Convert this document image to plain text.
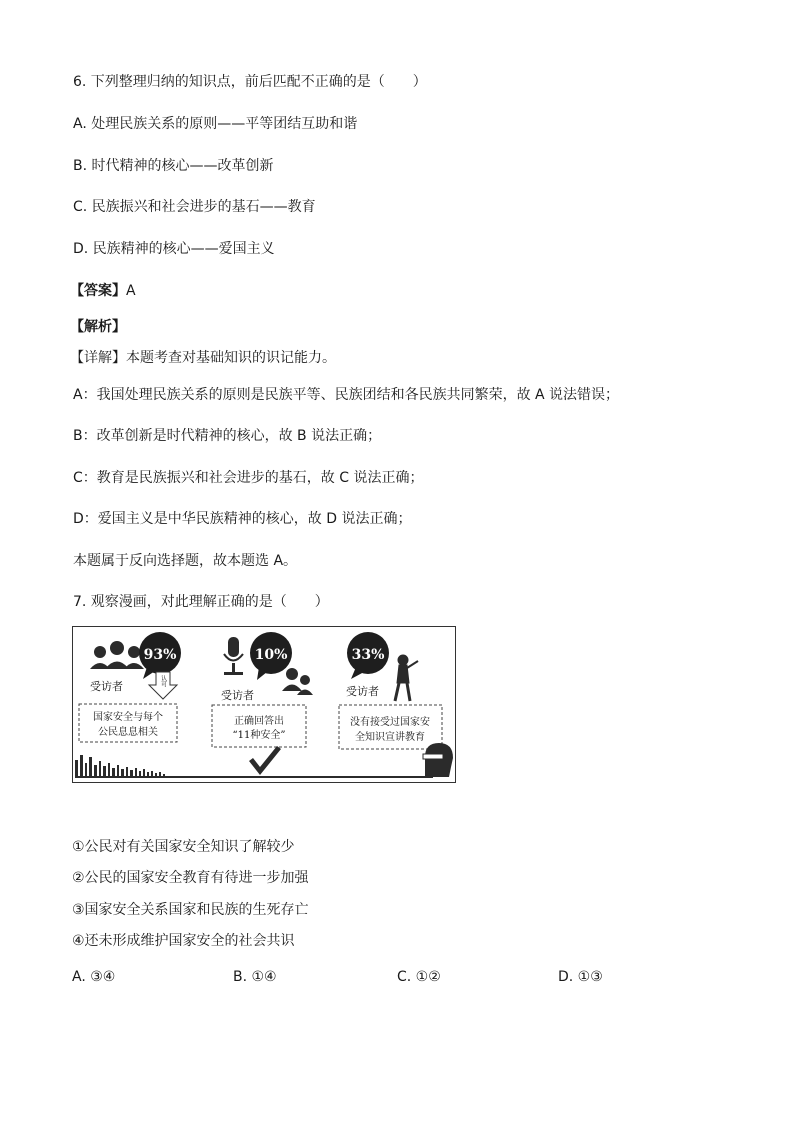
6. 下列整理归纳的知识点，前后匹配不正确的是（　　）
A. 处理民族关系的原则——平等团结互助和谐
B. 时代精神的核心——改革创新
C. 民族振兴和社会进步的基石——教育
D. 民族精神的核心——爱国主义
【答案】A
【解析】
【详解】本题考查对基础知识的识记能力。
A：我国处理民族关系的原则是民族平等、民族团结和各民族共同繁荣，故 A 说法错误；
B：改革创新是时代精神的核心，故 B 说法正确；
C：教育是民族振兴和社会进步的基石，故 C 说法正确；
D：爱国主义是中华民族精神的核心，故 D 说法正确；
本题属于反向选择题，故本题选 A。
7. 观察漫画，对此理解正确的是（　　）
93%
受访者	认可
国家安全与每个
公民息息相关
10%
受访者
正确回答出
“11种安全”
33%
受访者
没有接受过国家安
全知识宣讲教育
①公民对有关国家安全知识了解较少
②公民的国家安全教育有待进一步加强
③国家安全关系国家和民族的生死存亡
④还未形成维护国家安全的社会共识
A. ③④	B. ①④	C. ①②	D. ①③
